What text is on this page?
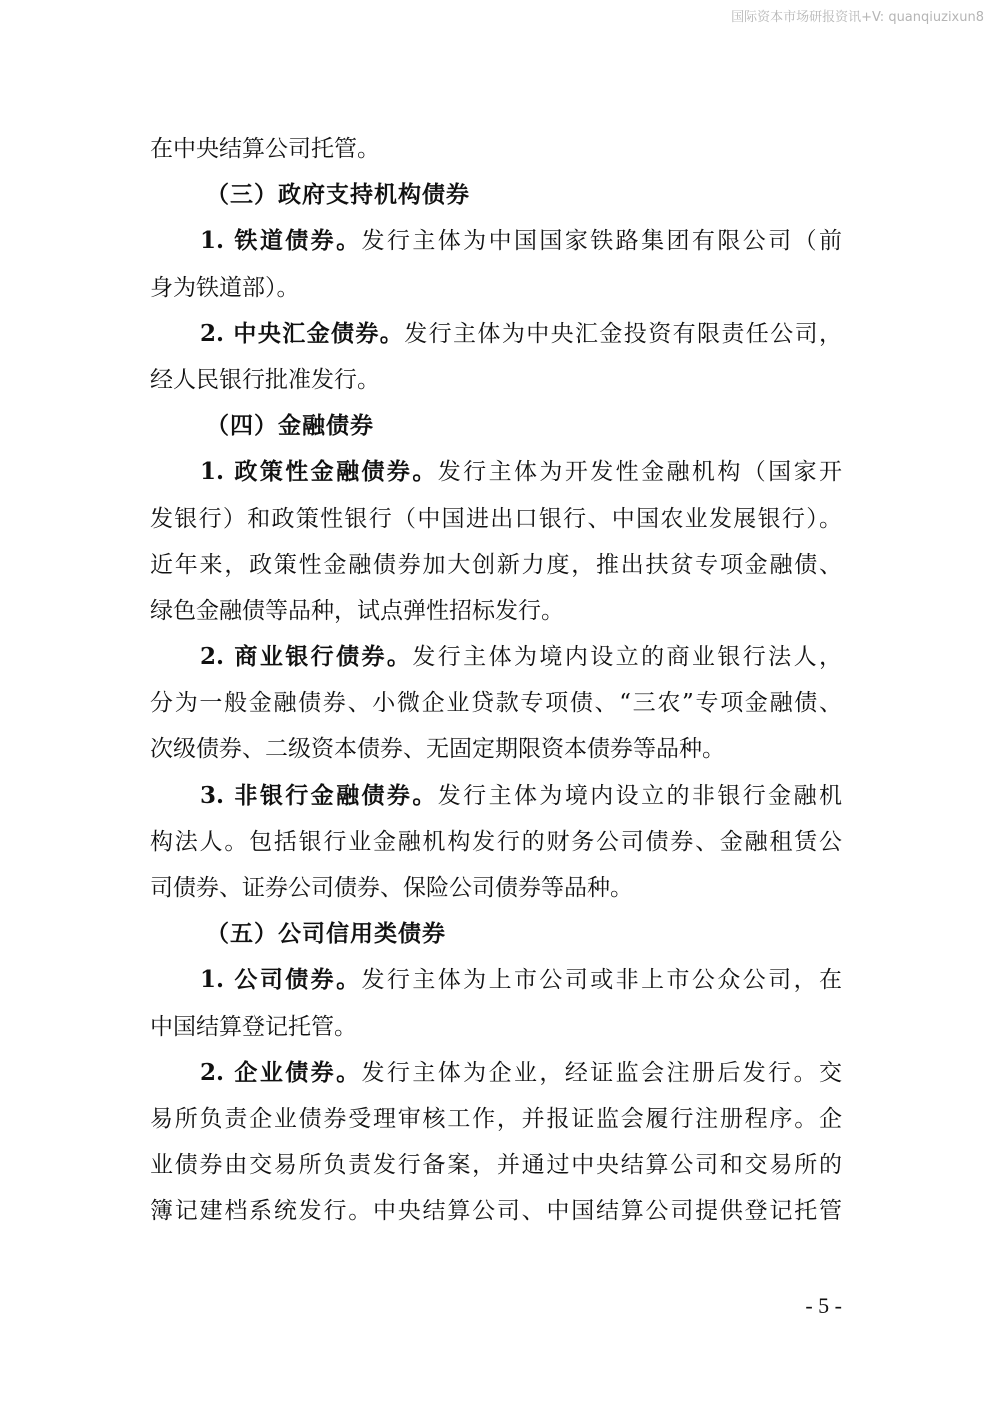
国际资本市场研报资讯+V: quanqiuzixun8
在中央结算公司托管。
（三）政府支持机构债券
1. 铁道债券。发行主体为中国国家铁路集团有限公司（前
身为铁道部）。
2. 中央汇金债券。发行主体为中央汇金投资有限责任公司，
经人民银行批准发行。
（四）金融债券
1. 政策性金融债券。发行主体为开发性金融机构（国家开
发银行）和政策性银行（中国进出口银行、中国农业发展银行）。
近年来，政策性金融债券加大创新力度，推出扶贫专项金融债、
绿色金融债等品种，试点弹性招标发行。
2. 商业银行债券。发行主体为境内设立的商业银行法人，
分为一般金融债券、小微企业贷款专项债、“三农”专项金融债、
次级债券、二级资本债券、无固定期限资本债券等品种。
3. 非银行金融债券。发行主体为境内设立的非银行金融机
构法人。包括银行业金融机构发行的财务公司债券、金融租赁公
司债券、证券公司债券、保险公司债券等品种。
（五）公司信用类债券
1. 公司债券。发行主体为上市公司或非上市公众公司，在
中国结算登记托管。
2. 企业债券。发行主体为企业，经证监会注册后发行。交
易所负责企业债券受理审核工作，并报证监会履行注册程序。企
业债券由交易所负责发行备案，并通过中央结算公司和交易所的
簿记建档系统发行。中央结算公司、中国结算公司提供登记托管
- 5 -
